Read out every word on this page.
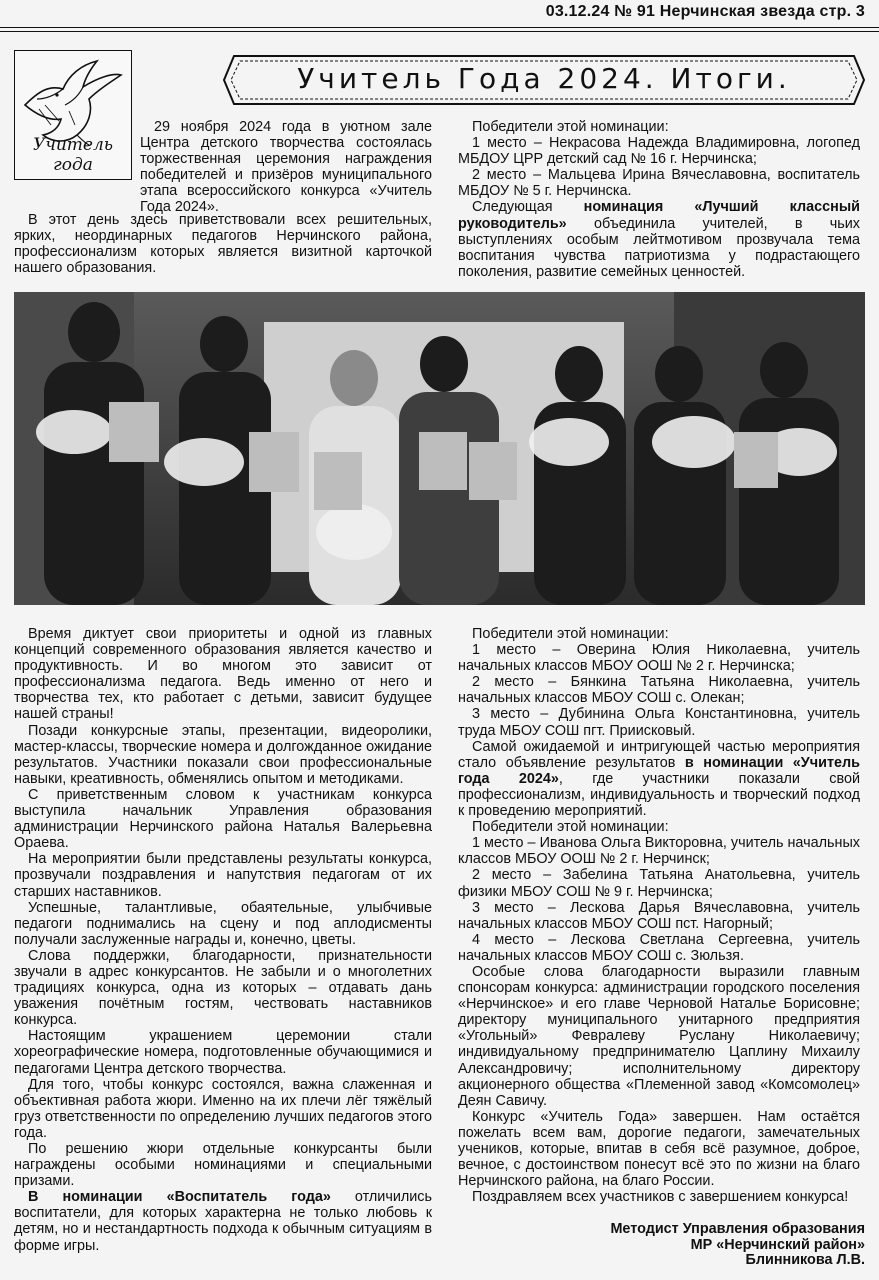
03.12.24 № 91 Нерчинская звезда стр. 3
Учитель года
Учитель Года 2024. Итоги.

29 ноября 2024 года в уютном зале Центра детского творчества состоялась торжественная церемония награждения победителей и призёров муниципального этапа всероссийского конкурса «Учитель Года 2024».

В этот день здесь приветствовали всех решительных, ярких, неординарных педагогов Нерчинского района, профессионализм которых является визитной карточкой нашего образования.

Победители этой номинации:

1 место – Некрасова Надежда Владимировна, логопед МБДОУ ЦРР детский сад № 16 г. Нерчинска;

2 место – Мальцева Ирина Вячеславовна, воспитатель МБДОУ № 5 г. Нерчинска.

Следующая номинация «Лучший классный руководитель» объединила учителей, в чьих выступлениях особым лейтмотивом прозвучала тема воспитания чувства патриотизма у подрастающего поколения, развитие семейных ценностей.

Время диктует свои приоритеты и одной из главных концепций современного образования является качество и продуктивность. И во многом это зависит от профессионализма педагога. Ведь именно от него и творчества тех, кто работает с детьми, зависит будущее нашей страны!

Позади конкурсные этапы, презентации, видеоролики, мастер-классы, творческие номера и долгожданное ожидание результатов. Участники показали свои профессиональные навыки, креативность, обменялись опытом и методиками.

С приветственным словом к участникам конкурса выступила начальник Управления образования администрации Нерчинского района Наталья Валерьевна Ораева.

На мероприятии были представлены результаты конкурса, прозвучали поздравления и напутствия педагогам от их старших наставников.

Успешные, талантливые, обаятельные, улыбчивые педагоги поднимались на сцену и под аплодисменты получали заслуженные награды и, конечно, цветы.

Слова поддержки, благодарности, признательности звучали в адрес конкурсантов. Не забыли и о многолетних традициях конкурса, одна из которых – отдавать дань уважения почётным гостям, чествовать наставников конкурса.

Настоящим украшением церемонии стали хореографические номера, подготовленные обучающимися и педагогами Центра детского творчества.

Для того, чтобы конкурс состоялся, важна слаженная и объективная работа жюри. Именно на их плечи лёг тяжёлый груз ответственности по определению лучших педагогов этого года.

По решению жюри отдельные конкурсанты были награждены особыми номинациями и специальными призами.

В номинации «Воспитатель года» отличились воспитатели, для которых характерна не только любовь к детям, но и нестандартность подхода к обычным ситуациям в форме игры.

Победители этой номинации:

1 место – Оверина Юлия Николаевна, учитель начальных классов МБОУ ООШ № 2 г. Нерчинска;

2 место – Бянкина Татьяна Николаевна, учитель начальных классов МБОУ СОШ с. Олекан;

3 место – Дубинина Ольга Константиновна, учитель труда МБОУ СОШ пгт. Приисковый.

Самой ожидаемой и интригующей частью мероприятия стало объявление результатов в номинации «Учитель года 2024», где участники показали свой профессионализм, индивидуальность и творческий подход к проведению мероприятий.

Победители этой номинации:

1 место – Иванова Ольга Викторовна, учитель начальных классов МБОУ ООШ № 2 г. Нерчинск;

2 место – Забелина Татьяна Анатольевна, учитель физики МБОУ СОШ № 9 г. Нерчинска;

3 место – Лескова Дарья Вячеславовна, учитель начальных классов МБОУ СОШ пст. Нагорный;

4 место – Лескова Светлана Сергеевна, учитель начальных классов МБОУ СОШ с. Зюльзя.

Особые слова благодарности выразили главным спонсорам конкурса: администрации городского поселения «Нерчинское» и его главе Черновой Наталье Борисовне; директору муниципального унитарного предприятия «Угольный» Февралеву Руслану Николаевичу; индивидуальному предпринимателю Цаплину Михаилу Александровичу; исполнительному директору акционерного общества «Племенной завод «Комсомолец» Деян Савичу.

Конкурс «Учитель Года» завершен. Нам остаётся пожелать всем вам, дорогие педагоги, замечательных учеников, которые, впитав в себя всё разумное, доброе, вечное, с достоинством понесут всё это по жизни на благо Нерчинского района, на благо России.

Поздравляем всех участников с завершением конкурса!

Методист Управления образования
МР «Нерчинский район»
Блинникова Л.В.
